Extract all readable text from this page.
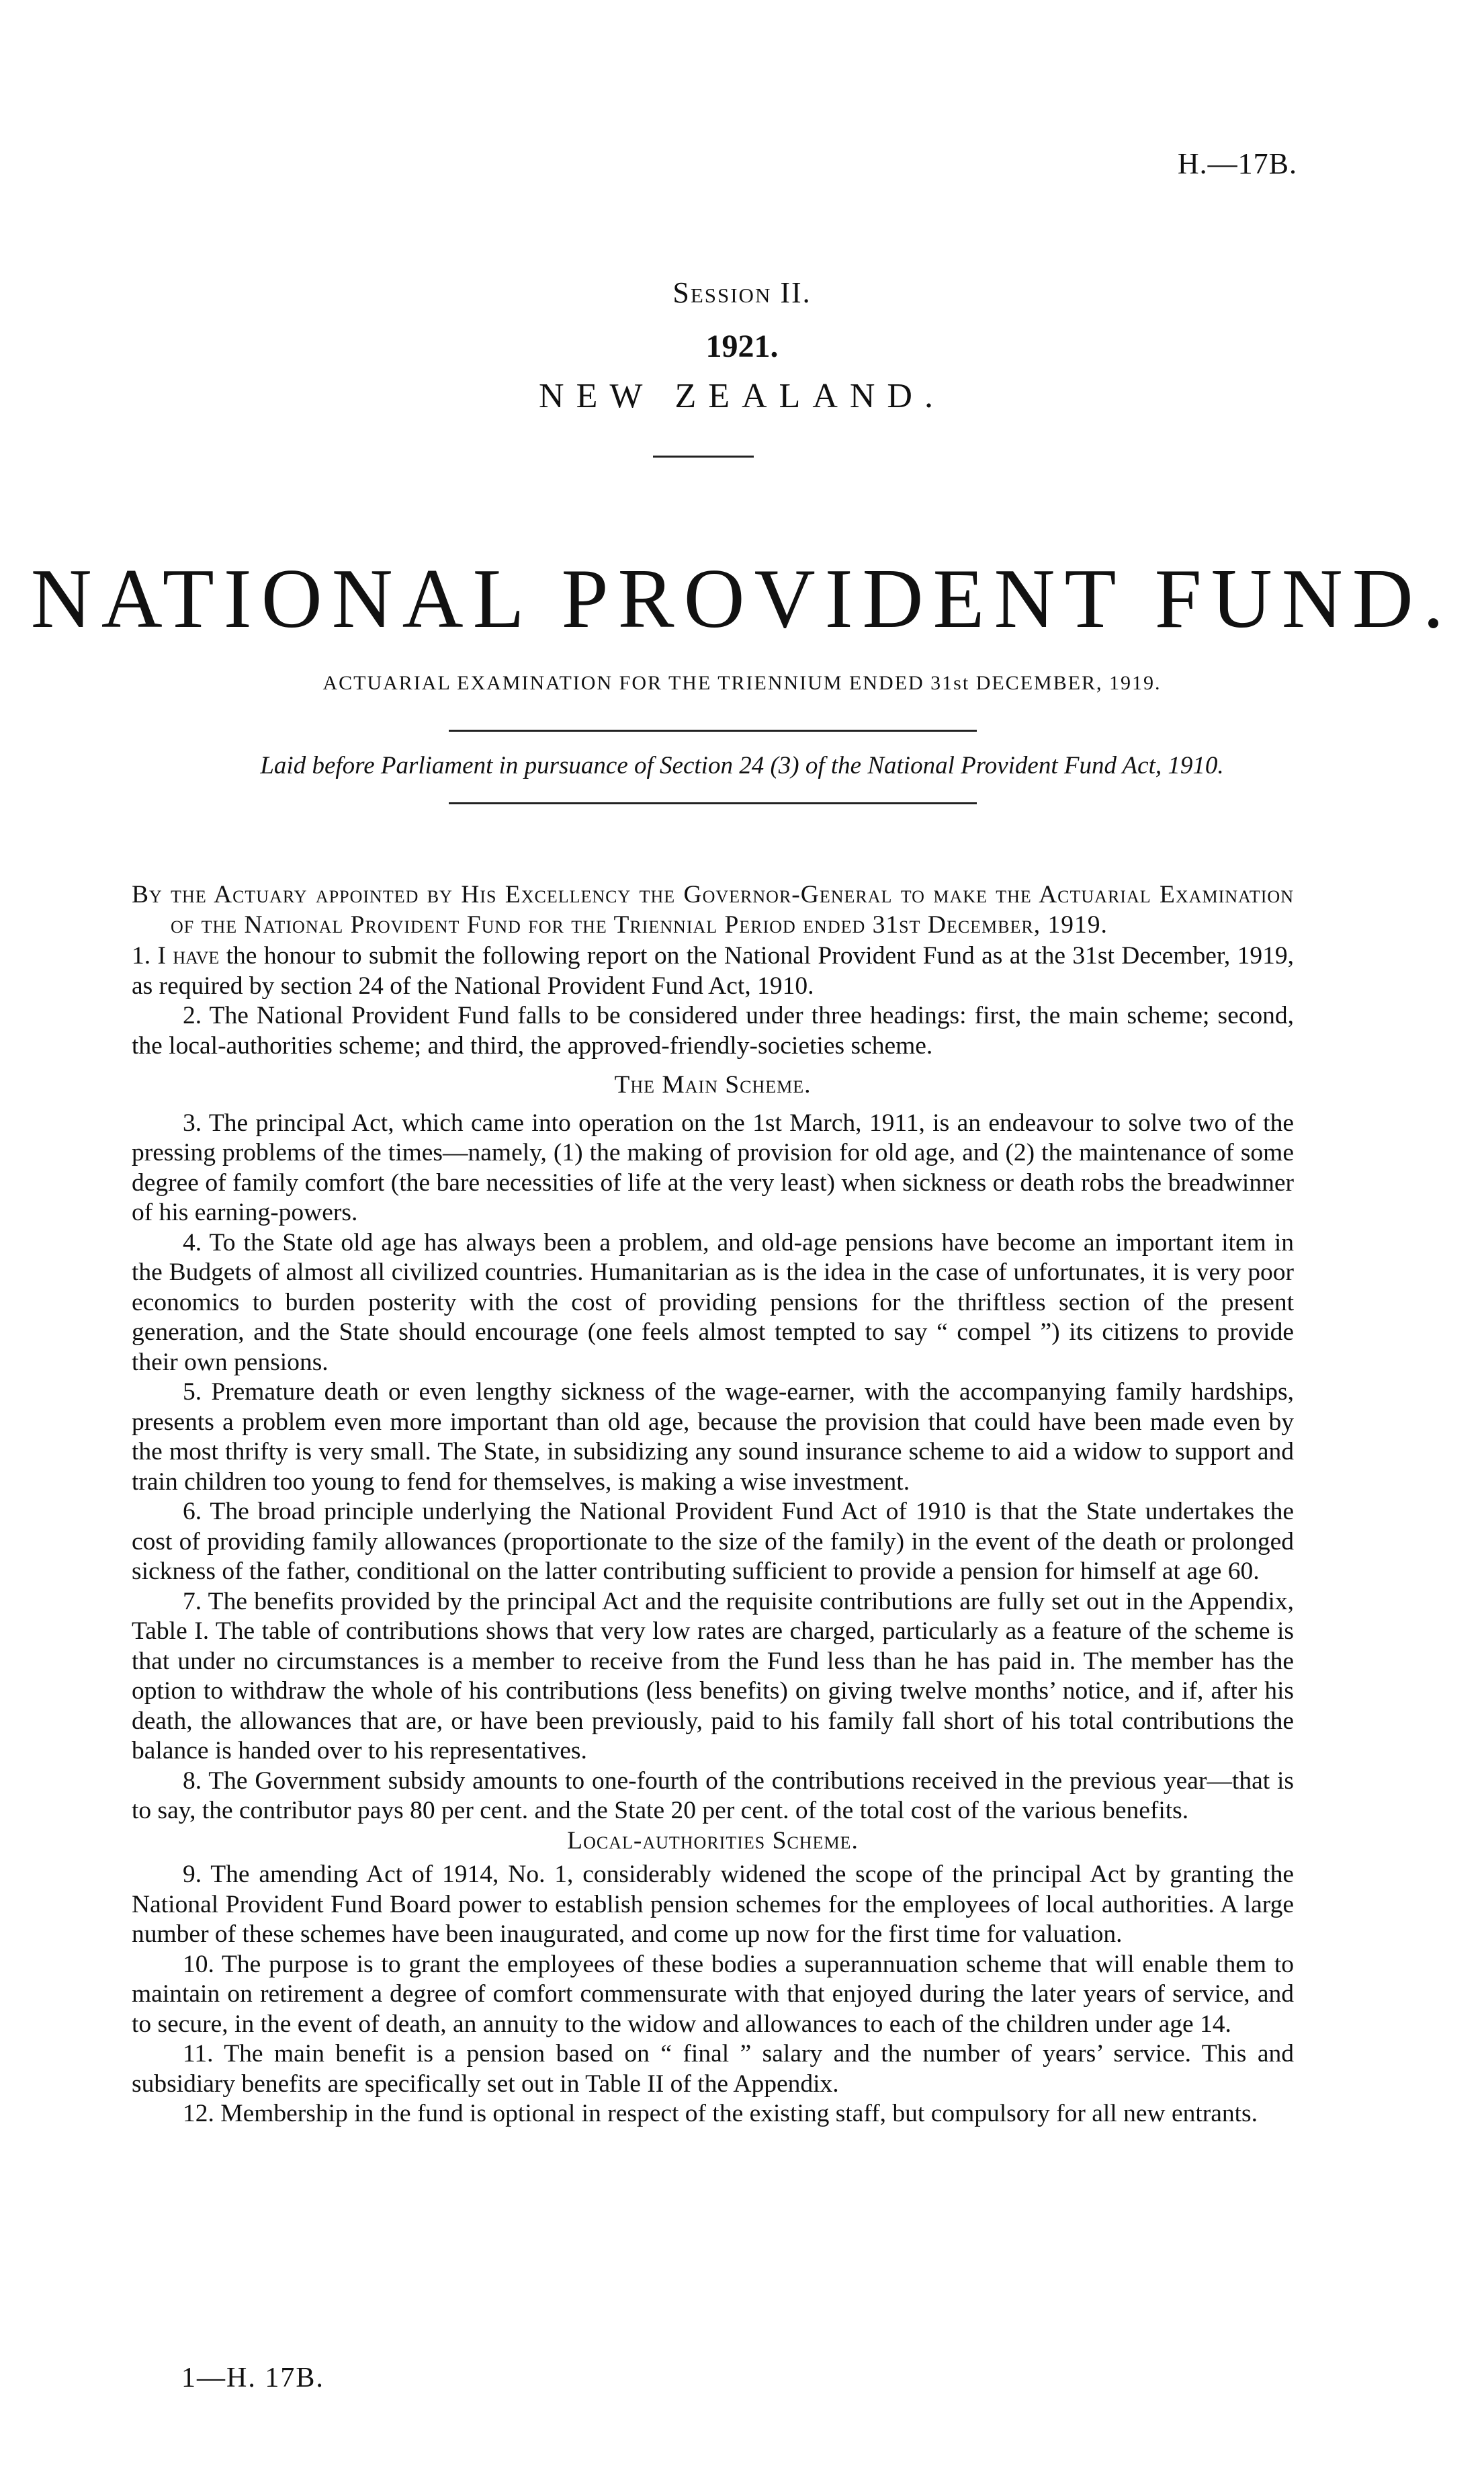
H.—17B.
Session II.
1921.
NEW ZEALAND.
NATIONAL PROVIDENT FUND.
ACTUARIAL EXAMINATION FOR THE TRIENNIUM ENDED 31st DECEMBER, 1919.
Laid before Parliament in pursuance of Section 24 (3) of the National Provident Fund Act, 1910.
By the Actuary appointed by His Excellency the Governor-General to make the Actuarial Examination of the National Provident Fund for the Triennial Period ended 31st December, 1919.

1. I have the honour to submit the following report on the National Provident Fund as at the 31st December, 1919, as required by section 24 of the National Provident Fund Act, 1910.

2. The National Provident Fund falls to be considered under three headings: first, the main scheme; second, the local-authorities scheme; and third, the approved-friendly-societies scheme.

The Main Scheme.

3. The principal Act, which came into operation on the 1st March, 1911, is an endeavour to solve two of the pressing problems of the times—namely, (1) the making of provision for old age, and (2) the maintenance of some degree of family comfort (the bare necessities of life at the very least) when sickness or death robs the breadwinner of his earning-powers.

4. To the State old age has always been a problem, and old-age pensions have become an important item in the Budgets of almost all civilized countries. Humanitarian as is the idea in the case of unfortunates, it is very poor economics to burden posterity with the cost of providing pensions for the thriftless section of the present generation, and the State should encourage (one feels almost tempted to say “ compel ”) its citizens to provide their own pensions.

5. Premature death or even lengthy sickness of the wage-earner, with the accompanying family hardships, presents a problem even more important than old age, because the provision that could have been made even by the most thrifty is very small. The State, in subsidizing any sound insurance scheme to aid a widow to support and train children too young to fend for themselves, is making a wise investment.

6. The broad principle underlying the National Provident Fund Act of 1910 is that the State undertakes the cost of providing family allowances (proportionate to the size of the family) in the event of the death or prolonged sickness of the father, conditional on the latter contributing sufficient to provide a pension for himself at age 60.

7. The benefits provided by the principal Act and the requisite contributions are fully set out in the Appendix, Table I. The table of contributions shows that very low rates are charged, particularly as a feature of the scheme is that under no circumstances is a member to receive from the Fund less than he has paid in. The member has the option to withdraw the whole of his contributions (less benefits) on giving twelve months’ notice, and if, after his death, the allowances that are, or have been previously, paid to his family fall short of his total contributions the balance is handed over to his representatives.

8. The Government subsidy amounts to one-fourth of the contributions received in the previous year—that is to say, the contributor pays 80 per cent. and the State 20 per cent. of the total cost of the various benefits.

Local-authorities Scheme.

9. The amending Act of 1914, No. 1, considerably widened the scope of the principal Act by granting the National Provident Fund Board power to establish pension schemes for the employees of local authorities. A large number of these schemes have been inaugurated, and come up now for the first time for valuation.

10. The purpose is to grant the employees of these bodies a superannuation scheme that will enable them to maintain on retirement a degree of comfort commensurate with that enjoyed during the later years of service, and to secure, in the event of death, an annuity to the widow and allowances to each of the children under age 14.

11. The main benefit is a pension based on “ final ” salary and the number of years’ service. This and subsidiary benefits are specifically set out in Table II of the Appendix.

12. Membership in the fund is optional in respect of the existing staff, but compulsory for all new entrants.

1—H. 17B.
